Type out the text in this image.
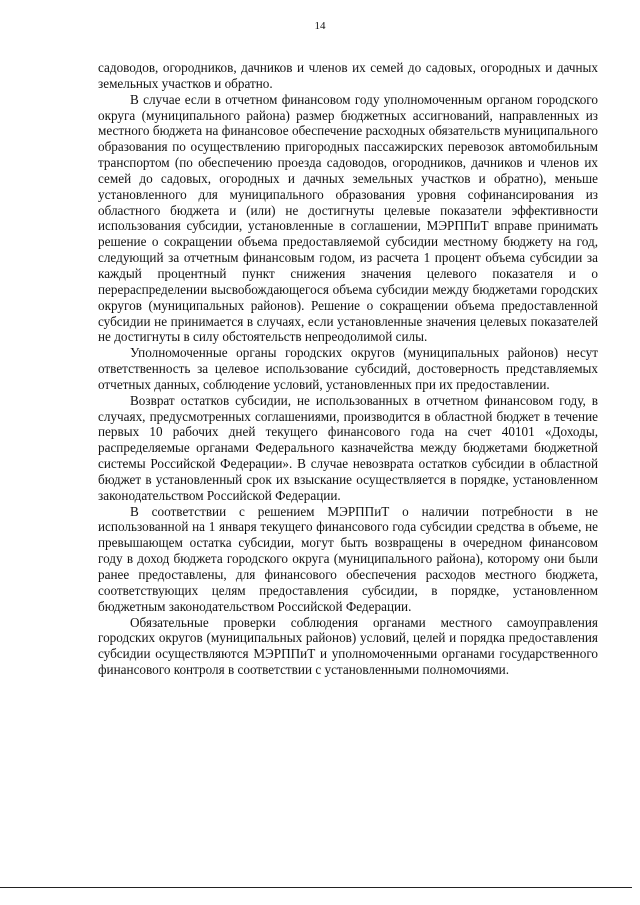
14

садоводов, огородников, дачников и членов их семей до садовых, огородных и дачных земельных участков и обратно.

В случае если в отчетном финансовом году уполномоченным органом городского округа (муниципального района) размер бюджетных ассигнований, направленных из местного бюджета на финансовое обеспечение расходных обязательств муниципального образования по осуществлению пригородных пассажирских перевозок автомобильным транспортом (по обеспечению проезда садоводов, огородников, дачников и членов их семей до садовых, огородных и дачных земельных участков и обратно), меньше установленного для муниципального образования уровня софинансирования из областного бюджета и (или) не достигнуты целевые показатели эффективности использования субсидии, установленные в соглашении, МЭРППиТ вправе принимать решение о сокращении объема предоставляемой субсидии местному бюджету на год, следующий за отчетным финансовым годом, из расчета 1 процент объема субсидии за каждый процентный пункт снижения значения целевого показателя и о перераспределении высвобождающегося объема субсидии между бюджетами городских округов (муниципальных районов). Решение о сокращении объема предоставленной субсидии не принимается в случаях, если установленные значения целевых показателей не достигнуты в силу обстоятельств непреодолимой силы.

Уполномоченные органы городских округов (муниципальных районов) несут ответственность за целевое использование субсидий, достоверность представляемых отчетных данных, соблюдение условий, установленных при их предоставлении.

Возврат остатков субсидии, не использованных в отчетном финансовом году, в случаях, предусмотренных соглашениями, производится в областной бюджет в течение первых 10 рабочих дней текущего финансового года на счет 40101 «Доходы, распределяемые органами Федерального казначейства между бюджетами бюджетной системы Российской Федерации». В случае невозврата остатков субсидии в областной бюджет в установленный срок их взыскание осуществляется в порядке, установленном законодательством Российской Федерации.

В соответствии с решением МЭРППиТ о наличии потребности в не использованной на 1 января текущего финансового года субсидии средства в объеме, не превышающем остатка субсидии, могут быть возвращены в очередном финансовом году в доход бюджета городского округа (муниципального района), которому они были ранее предоставлены, для финансового обеспечения расходов местного бюджета, соответствующих целям предоставления субсидии, в порядке, установленном бюджетным законодательством Российской Федерации.

Обязательные проверки соблюдения органами местного самоуправления городских округов (муниципальных районов) условий, целей и порядка предоставления субсидии осуществляются МЭРППиТ и уполномоченными органами государственного финансового контроля в соответствии с установленными полномочиями.
